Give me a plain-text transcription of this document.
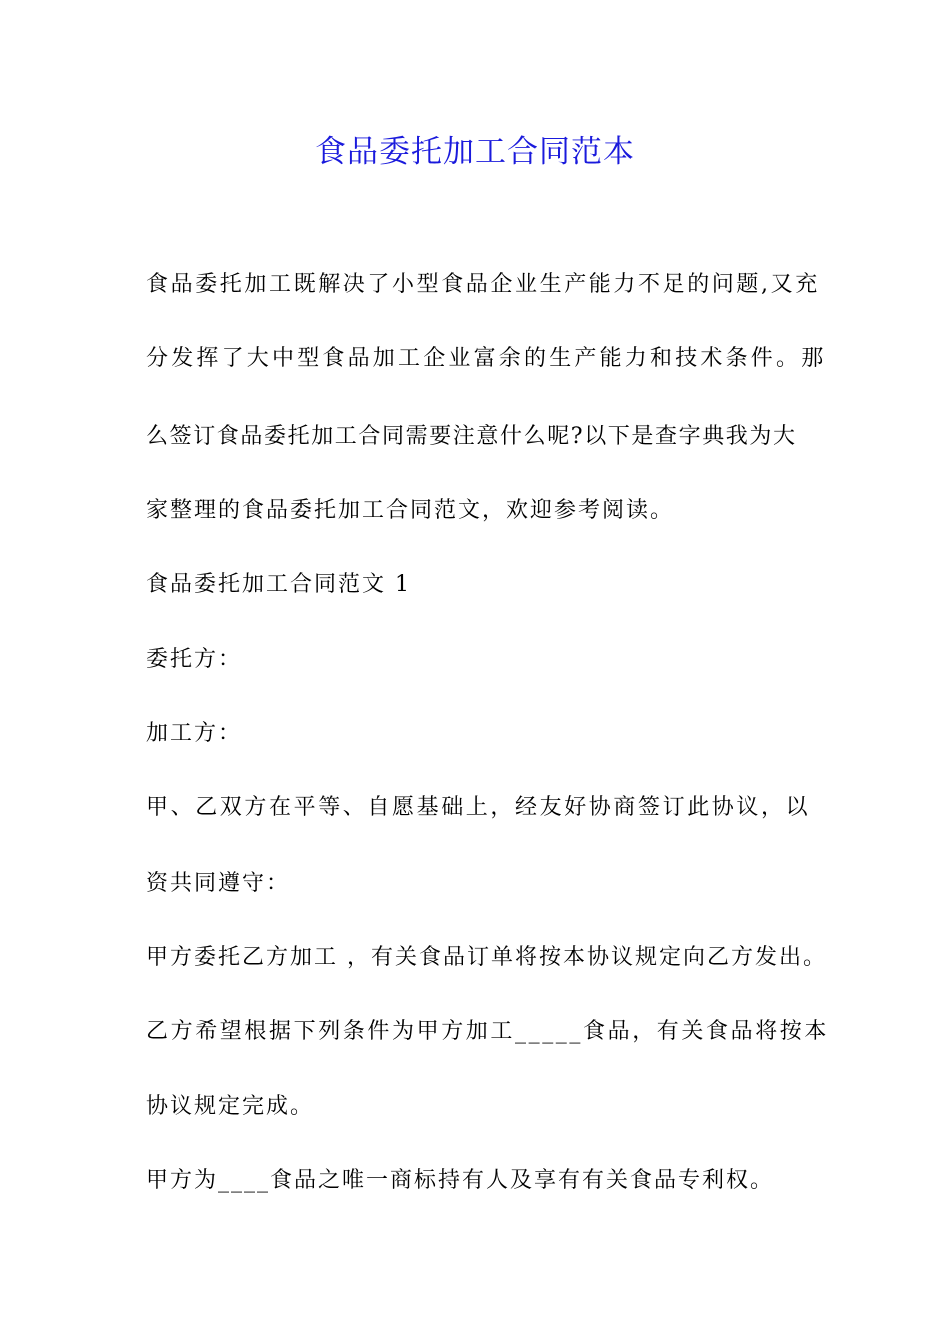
食品委托加工合同范本
食品委托加工既解决了小型食品企业生产能力不足的问题,又充
分发挥了大中型食品加工企业富余的生产能力和技术条件。那
么签订食品委托加工合同需要注意什么呢?以下是查字典我为大
家整理的食品委托加工合同范文，欢迎参考阅读。
食品委托加工合同范文 1
委托方：
加工方：
甲、乙双方在平等、自愿基础上，经友好协商签订此协议，以
资共同遵守：
甲方委托乙方加工 ，有关食品订单将按本协议规定向乙方发出。
乙方希望根据下列条件为甲方加工_____食品，有关食品将按本
协议规定完成。
甲方为____食品之唯一商标持有人及享有有关食品专利权。
